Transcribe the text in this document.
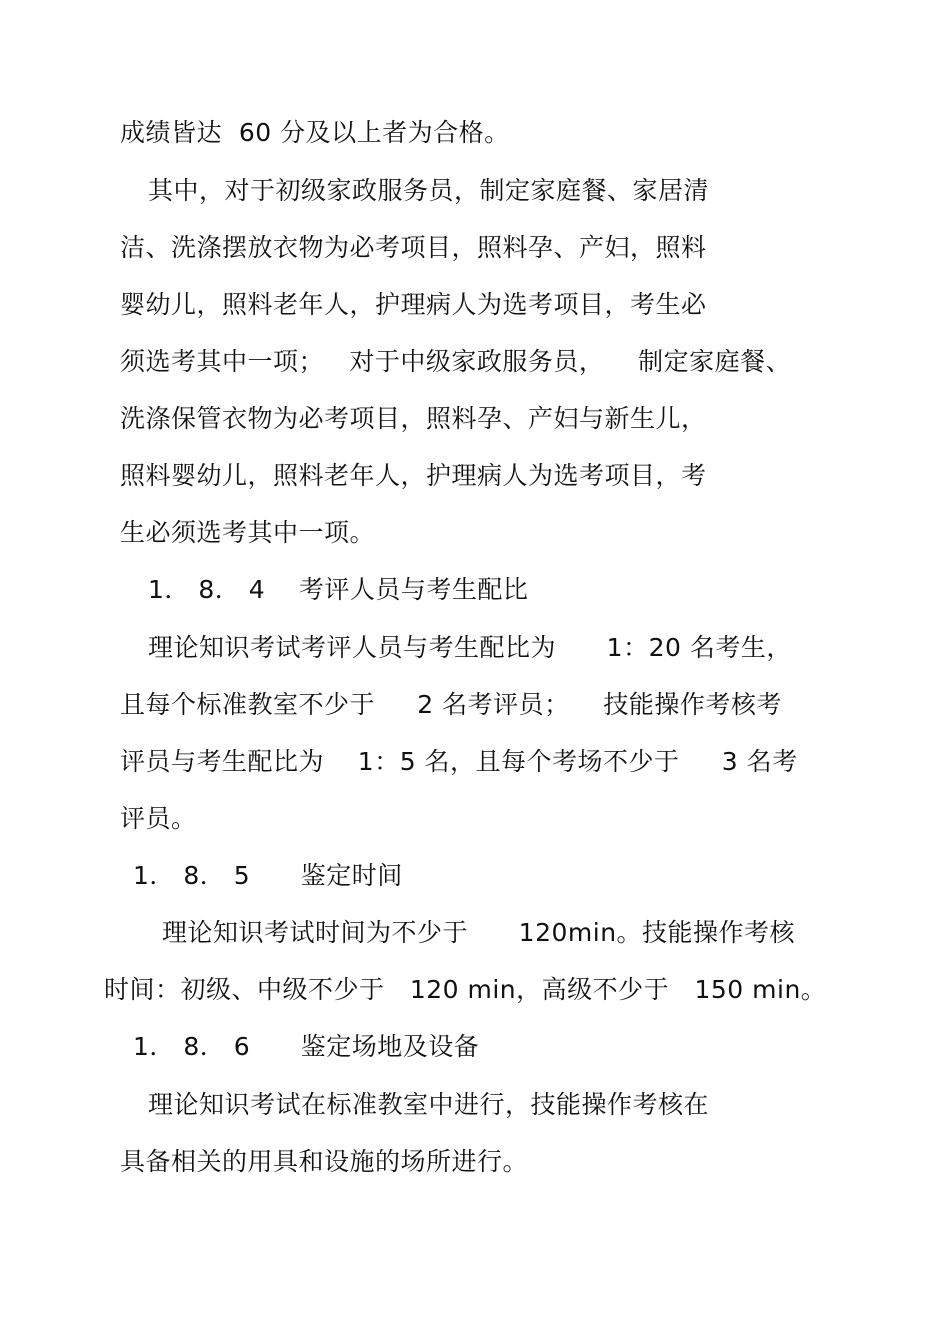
成绩皆达  60 分及以上者为合格。
其中，对于初级家政服务员，制定家庭餐、家居清
洁、洗涤摆放衣物为必考项目，照料孕、产妇，照料
婴幼儿，照料老年人，护理病人为选考项目，考生必
须选考其中一项；   对于中级家政服务员，    制定家庭餐、
洗涤保管衣物为必考项目，照料孕、产妇与新生儿，
照料婴幼儿，照料老年人，护理病人为选考项目，考
生必须选考其中一项。
1． 8． 4    考评人员与考生配比
理论知识考试考评人员与考生配比为      1：20 名考生，
且每个标准教室不少于     2 名考评员；    技能操作考核考
评员与考生配比为    1：5 名，且每个考场不少于     3 名考
评员。
1． 8． 5      鉴定时间
理论知识考试时间为不少于      120min。技能操作考核
时间：初级、中级不少于   120 min，高级不少于   150 min。
1． 8． 6      鉴定场地及设备
理论知识考试在标准教室中进行，技能操作考核在
具备相关的用具和设施的场所进行。
